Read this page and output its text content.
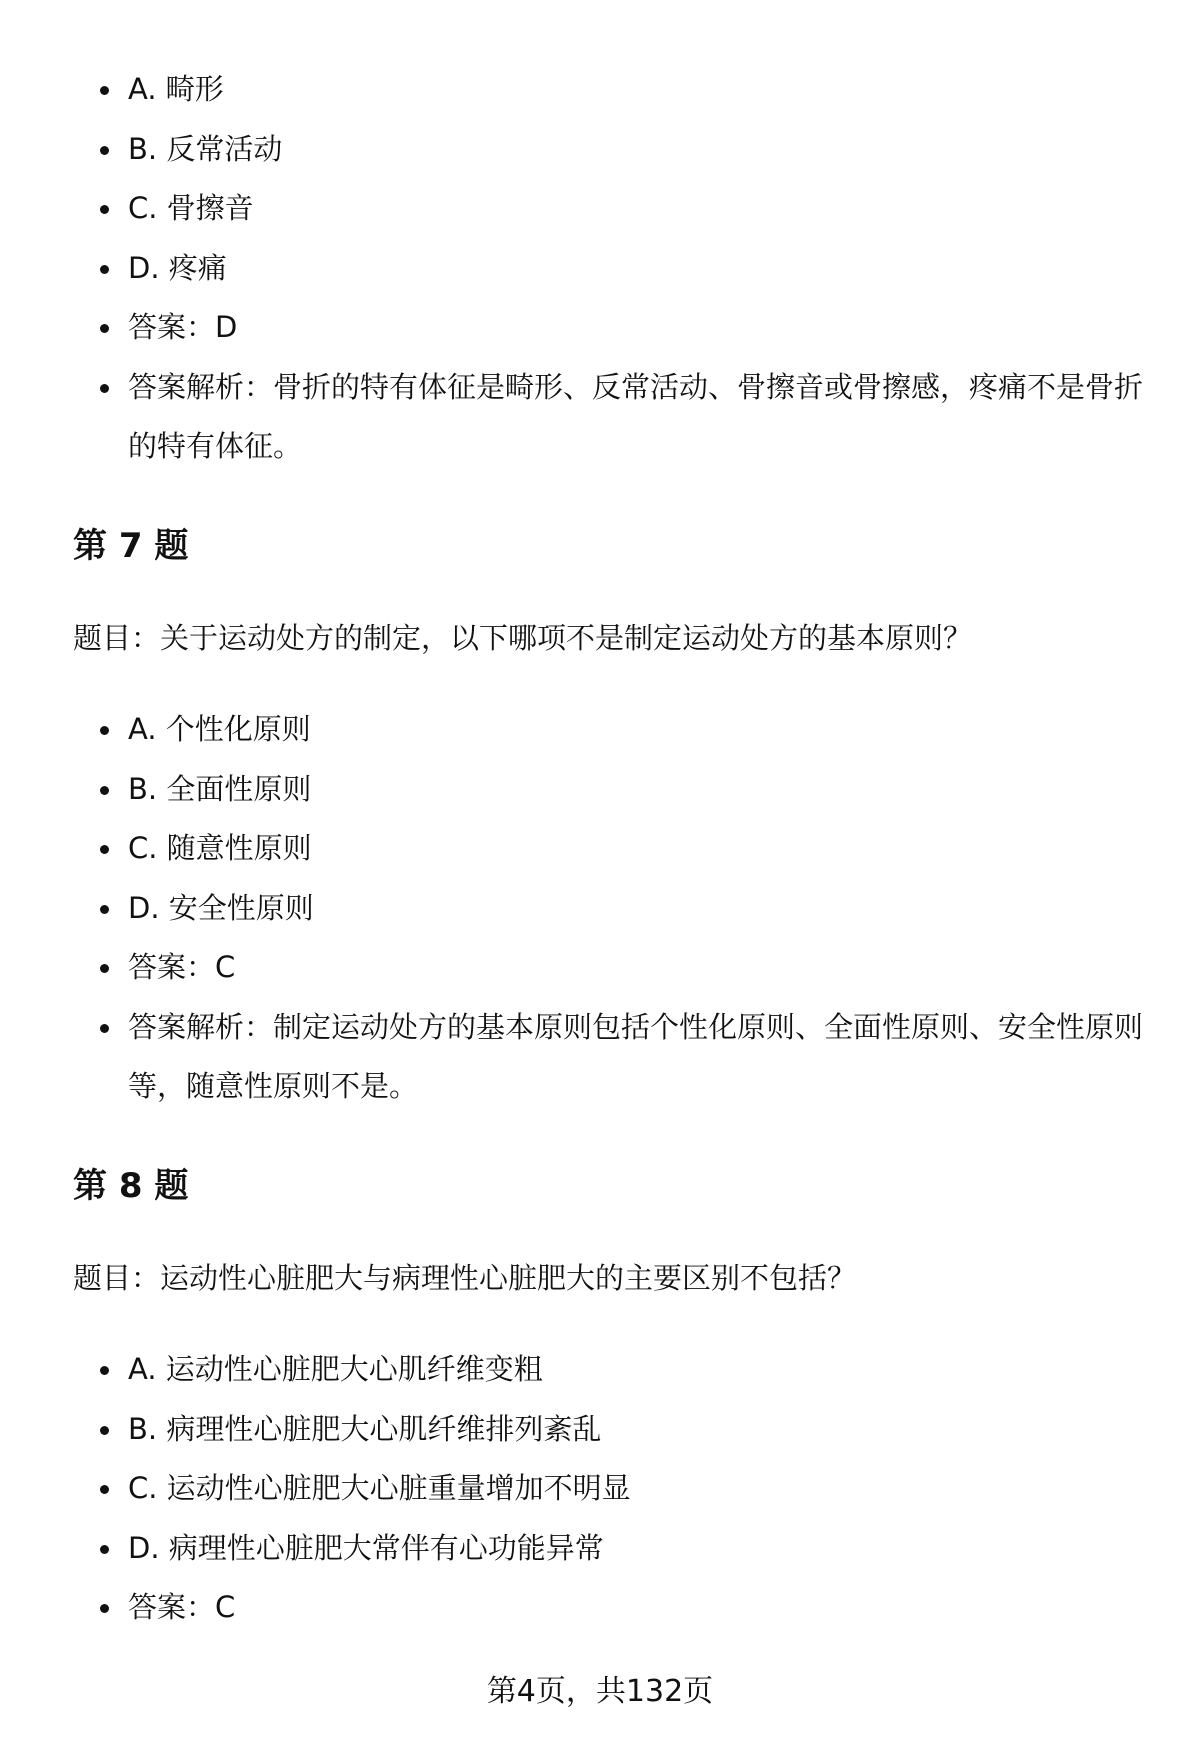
A. 畸形
B. 反常活动
C. 骨擦音
D. 疼痛
答案：D
答案解析：骨折的特有体征是畸形、反常活动、骨擦音或骨擦感，疼痛不是骨折的特有体征。
第 7 题

题目：关于运动处方的制定，以下哪项不是制定运动处方的基本原则？

A. 个性化原则
B. 全面性原则
C. 随意性原则
D. 安全性原则
答案：C
答案解析：制定运动处方的基本原则包括个性化原则、全面性原则、安全性原则等，随意性原则不是。
第 8 题

题目：运动性心脏肥大与病理性心脏肥大的主要区别不包括？

A. 运动性心脏肥大心肌纤维变粗
B. 病理性心脏肥大心肌纤维排列紊乱
C. 运动性心脏肥大心脏重量增加不明显
D. 病理性心脏肥大常伴有心功能异常
答案：C
第4页，共132页
